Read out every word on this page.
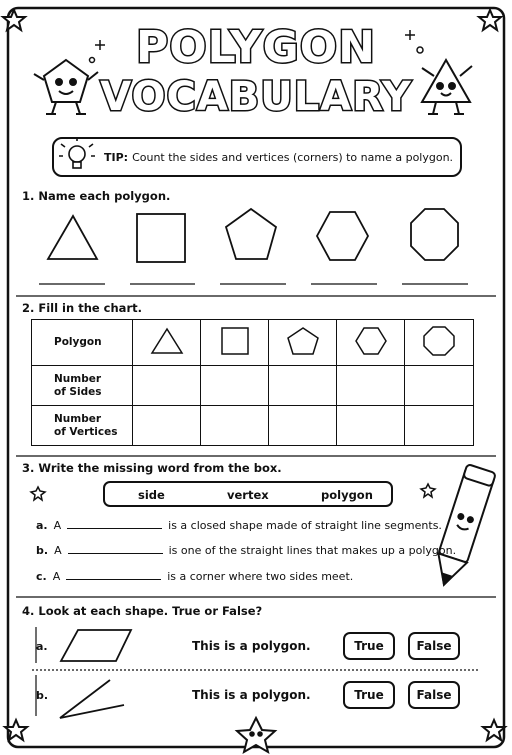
POLYGON
VOCABULARY
TIP: Count the sides and vertices (corners) to name a polygon.
1. Name each polygon.
2. Fill in the chart.
Polygon					
Number
of Sides					
Number
of Vertices					
3. Write the missing word from the box.
side	vertex	polygon
a. A	is a closed shape made of straight line segments.
b. A	is one of the straight lines that makes up a polygon.
c. A	is a corner where two sides meet.
4. Look at each shape. True or False?
a.	This is a polygon.	True	False
b.	This is a polygon.	True	False
